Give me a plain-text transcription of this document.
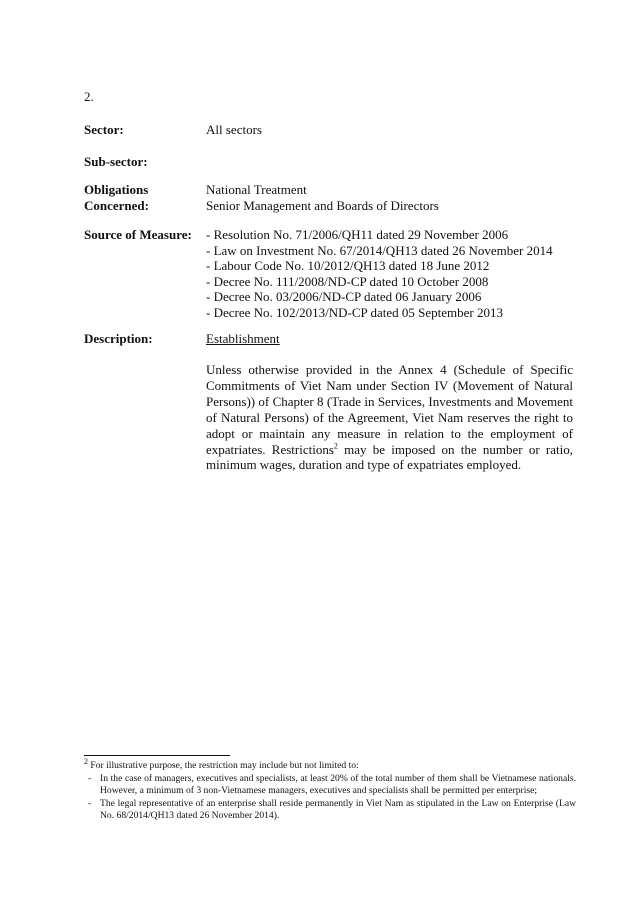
2.
Sector:	All sectors
Sub-sector:
Obligations
Concerned:
National Treatment
Senior Management and Boards of Directors
Source of Measure: - Resolution No. 71/2006/QH11 dated 29 November 2006
- Law on Investment No. 67/2014/QH13 dated 26 November 2014
- Labour Code No. 10/2012/QH13 dated 18 June 2012
- Decree No. 111/2008/ND-CP dated 10 October 2008
- Decree No. 03/2006/ND-CP dated 06 January 2006
- Decree No. 102/2013/ND-CP dated 05 September 2013
Description:	Establishment
Unless otherwise provided in the Annex 4 (Schedule of Specific Commitments of Viet Nam under Section IV (Movement of Natural Persons)) of Chapter 8 (Trade in Services, Investments and Movement of Natural Persons) of the Agreement, Viet Nam reserves the right to adopt or maintain any measure in relation to the employment of expatriates. Restrictions$^2$ may be imposed on the number or ratio, minimum wages, duration and type of expatriates employed.
$^2$ For illustrative purpose, the restriction may include but not limited to:
- In the case of managers, executives and specialists, at least 20% of the total number of them shall be Vietnamese nationals. However, a minimum of 3 non-Vietnamese managers, executives and specialists shall be permitted per enterprise;
- The legal representative of an enterprise shall reside permanently in Viet Nam as stipulated in the Law on Enterprise (Law No. 68/2014/QH13 dated 26 November 2014).
